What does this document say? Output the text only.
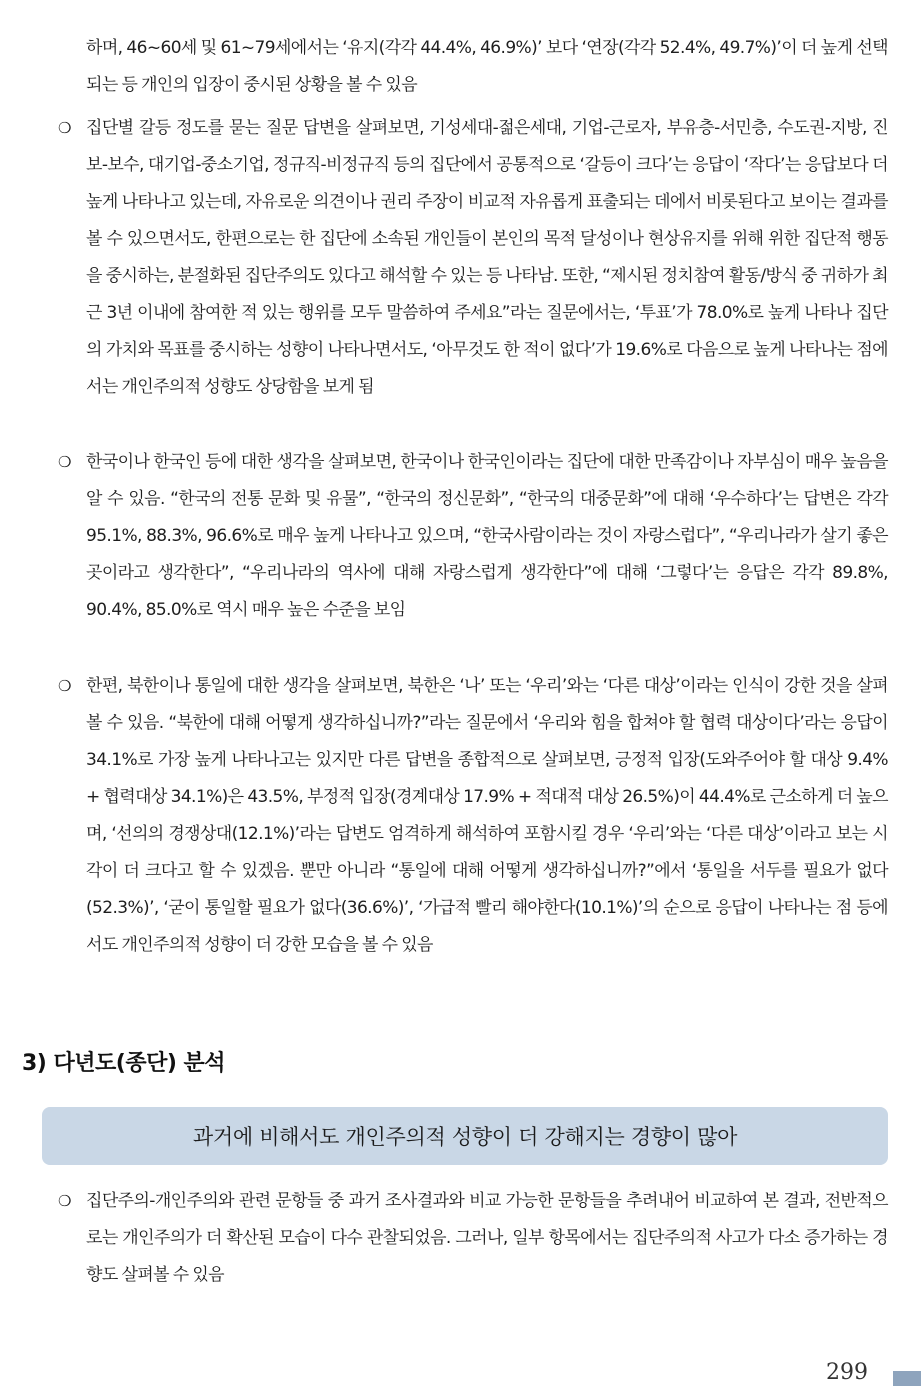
하며, 46~60세 및 61~79세에서는 ‘유지(각각 44.4%, 46.9%)’ 보다 ‘연장(각각 52.4%, 49.7%)’이 더 높게 선택되는 등 개인의 입장이 중시된 상황을 볼 수 있음
❍ 집단별 갈등 정도를 묻는 질문 답변을 살펴보면, 기성세대-젊은세대, 기업-근로자, 부유층-서민층, 수도권-지방, 진보-보수, 대기업-중소기업, 정규직-비정규직 등의 집단에서 공통적으로 ‘갈등이 크다’는 응답이 ‘작다’는 응답보다 더 높게 나타나고 있는데, 자유로운 의견이나 권리 주장이 비교적 자유롭게 표출되는 데에서 비롯된다고 보이는 결과를 볼 수 있으면서도, 한편으로는 한 집단에 소속된 개인들이 본인의 목적 달성이나 현상유지를 위해 위한 집단적 행동을 중시하는, 분절화된 집단주의도 있다고 해석할 수 있는 등 나타남. 또한, “제시된 정치참여 활동/방식 중 귀하가 최근 3년 이내에 참여한 적 있는 행위를 모두 말씀하여 주세요”라는 질문에서는, ‘투표’가 78.0%로 높게 나타나 집단의 가치와 목표를 중시하는 성향이 나타나면서도, ‘아무것도 한 적이 없다’가 19.6%로 다음으로 높게 나타나는 점에서는 개인주의적 성향도 상당함을 보게 됨
❍ 한국이나 한국인 등에 대한 생각을 살펴보면, 한국이나 한국인이라는 집단에 대한 만족감이나 자부심이 매우 높음을 알 수 있음. “한국의 전통 문화 및 유물”, “한국의 정신문화”, “한국의 대중문화”에 대해 ‘우수하다’는 답변은 각각 95.1%, 88.3%, 96.6%로 매우 높게 나타나고 있으며, “한국사람이라는 것이 자랑스럽다”, “우리나라가 살기 좋은 곳이라고 생각한다”, “우리나라의 역사에 대해 자랑스럽게 생각한다”에 대해 ‘그렇다’는 응답은 각각 89.8%, 90.4%, 85.0%로 역시 매우 높은 수준을 보임
❍ 한편, 북한이나 통일에 대한 생각을 살펴보면, 북한은 ‘나’ 또는 ‘우리’와는 ‘다른 대상’이라는 인식이 강한 것을 살펴볼 수 있음. “북한에 대해 어떻게 생각하십니까?”라는 질문에서 ‘우리와 힘을 합쳐야 할 협력 대상이다’라는 응답이 34.1%로 가장 높게 나타나고는 있지만 다른 답변을 종합적으로 살펴보면, 긍정적 입장(도와주어야 할 대상 9.4% + 협력대상 34.1%)은 43.5%, 부정적 입장(경계대상 17.9% + 적대적 대상 26.5%)이 44.4%로 근소하게 더 높으며, ‘선의의 경쟁상대(12.1%)’라는 답변도 엄격하게 해석하여 포함시킬 경우 ‘우리’와는 ‘다른 대상’이라고 보는 시각이 더 크다고 할 수 있겠음. 뿐만 아니라 “통일에 대해 어떻게 생각하십니까?”에서 ‘통일을 서두를 필요가 없다(52.3%)’, ‘굳이 통일할 필요가 없다(36.6%)’, ‘가급적 빨리 해야한다(10.1%)’의 순으로 응답이 나타나는 점 등에서도 개인주의적 성향이 더 강한 모습을 볼 수 있음
3) 다년도(종단) 분석
과거에 비해서도 개인주의적 성향이 더 강해지는 경향이 많아
❍ 집단주의-개인주의와 관련 문항들 중 과거 조사결과와 비교 가능한 문항들을 추려내어 비교하여 본 결과, 전반적으로는 개인주의가 더 확산된 모습이 다수 관찰되었음. 그러나, 일부 항목에서는 집단주의적 사고가 다소 증가하는 경향도 살펴볼 수 있음
299
